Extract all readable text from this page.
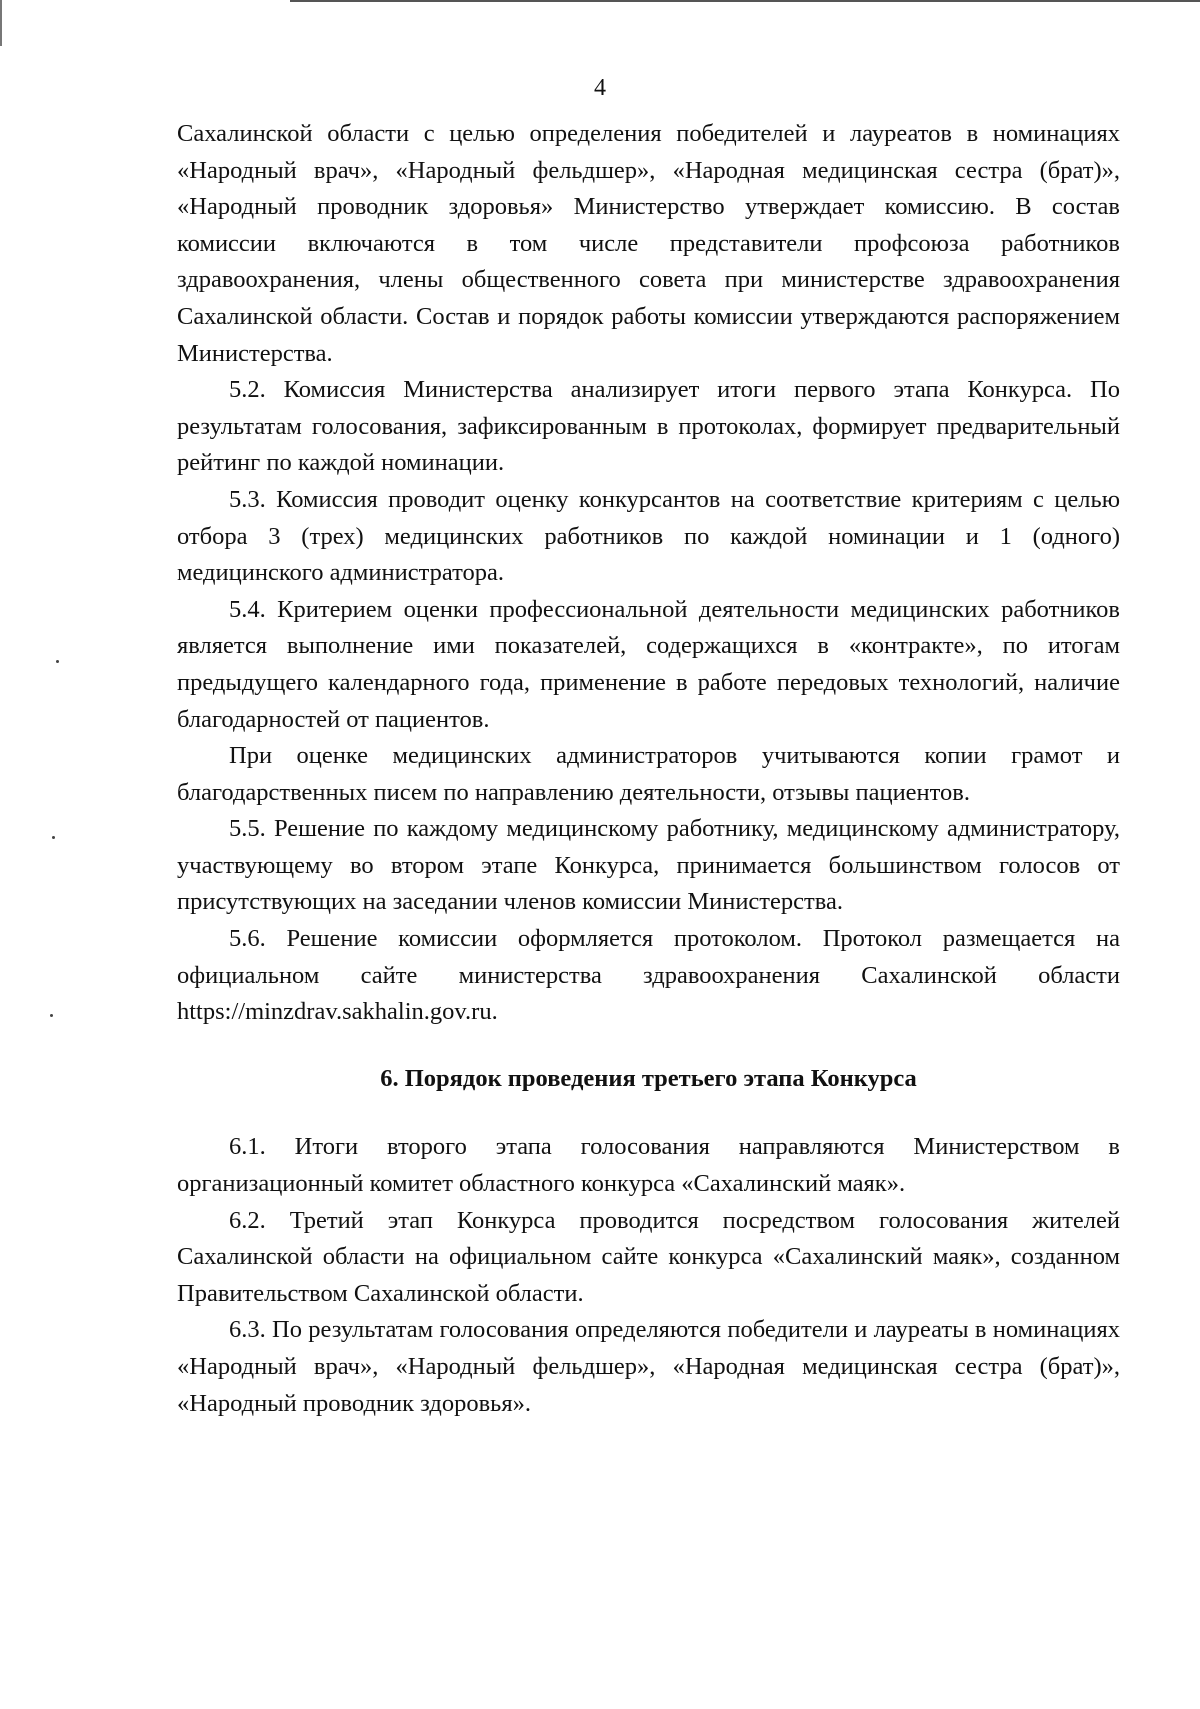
4

Сахалинской области с целью определения победителей и лауреатов в номинациях «Народный врач», «Народный фельдшер», «Народная медицинская сестра (брат)», «Народный проводник здоровья» Министерство утверждает комиссию. В состав комиссии включаются в том числе представители профсоюза работников здравоохранения, члены общественного совета при министерстве здравоохранения Сахалинской области. Состав и порядок работы комиссии утверждаются распоряжением Министерства.

5.2. Комиссия Министерства анализирует итоги первого этапа Конкурса. По результатам голосования, зафиксированным в протоколах, формирует предварительный рейтинг по каждой номинации.

5.3. Комиссия проводит оценку конкурсантов на соответствие критериям с целью отбора 3 (трех) медицинских работников по каждой номинации и 1 (одного) медицинского администратора.

5.4. Критерием оценки профессиональной деятельности медицинских работников является выполнение ими показателей, содержащихся в «контракте», по итогам предыдущего календарного года, применение в работе передовых технологий, наличие благодарностей от пациентов.

При оценке медицинских администраторов учитываются копии грамот и благодарственных писем по направлению деятельности, отзывы пациентов.

5.5. Решение по каждому медицинскому работнику, медицинскому администратору, участвующему во втором этапе Конкурса, принимается большинством голосов от присутствующих на заседании членов комиссии Министерства.

5.6. Решение комиссии оформляется протоколом. Протокол размещается на официальном сайте министерства здравоохранения Сахалинской области https://minzdrav.sakhalin.gov.ru.

6. Порядок проведения третьего этапа Конкурса

6.1. Итоги второго этапа голосования направляются Министерством в организационный комитет областного конкурса «Сахалинский маяк».

6.2. Третий этап Конкурса проводится посредством голосования жителей Сахалинской области на официальном сайте конкурса «Сахалинский маяк», созданном Правительством Сахалинской области.

6.3. По результатам голосования определяются победители и лауреаты в номинациях «Народный врач», «Народный фельдшер», «Народная медицинская сестра (брат)», «Народный проводник здоровья».
